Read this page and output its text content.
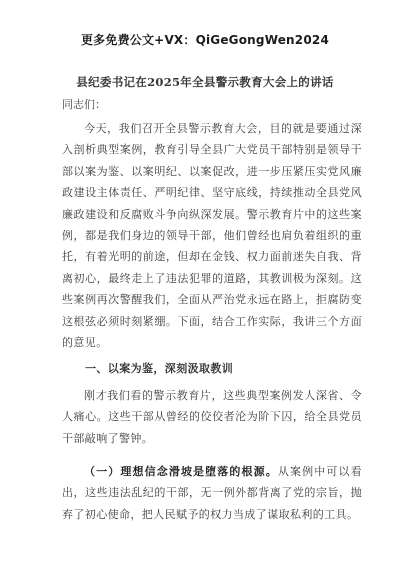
更多免费公文+VX：QiGeGongWen2024
县纪委书记在2025年全县警示教育大会上的讲话
同志们：

今天，我们召开全县警示教育大会，目的就是要通过深入剖析典型案例，教育引导全县广大党员干部特别是领导干部以案为鉴、以案明纪、以案促改，进一步压紧压实党风廉政建设主体责任、严明纪律、坚守底线，持续推动全县党风廉政建设和反腐败斗争向纵深发展。警示教育片中的这些案例，都是我们身边的领导干部，他们曾经也肩负着组织的重托，有着光明的前途，但却在金钱、权力面前迷失自我、背离初心，最终走上了违法犯罪的道路，其教训极为深刻。这些案例再次警醒我们，全面从严治党永远在路上，拒腐防变这根弦必须时刻紧绷。下面，结合工作实际，我讲三个方面的意见。

一、以案为鉴，深刻汲取教训

刚才我们看的警示教育片，这些典型案例发人深省、令人痛心。这些干部从曾经的佼佼者沦为阶下囚，给全县党员干部敲响了警钟。

（一）理想信念滑坡是堕落的根源。从案例中可以看出，这些违法乱纪的干部，无一例外都背离了党的宗旨，抛弃了初心使命，把人民赋予的权力当成了谋取私利的工具。
